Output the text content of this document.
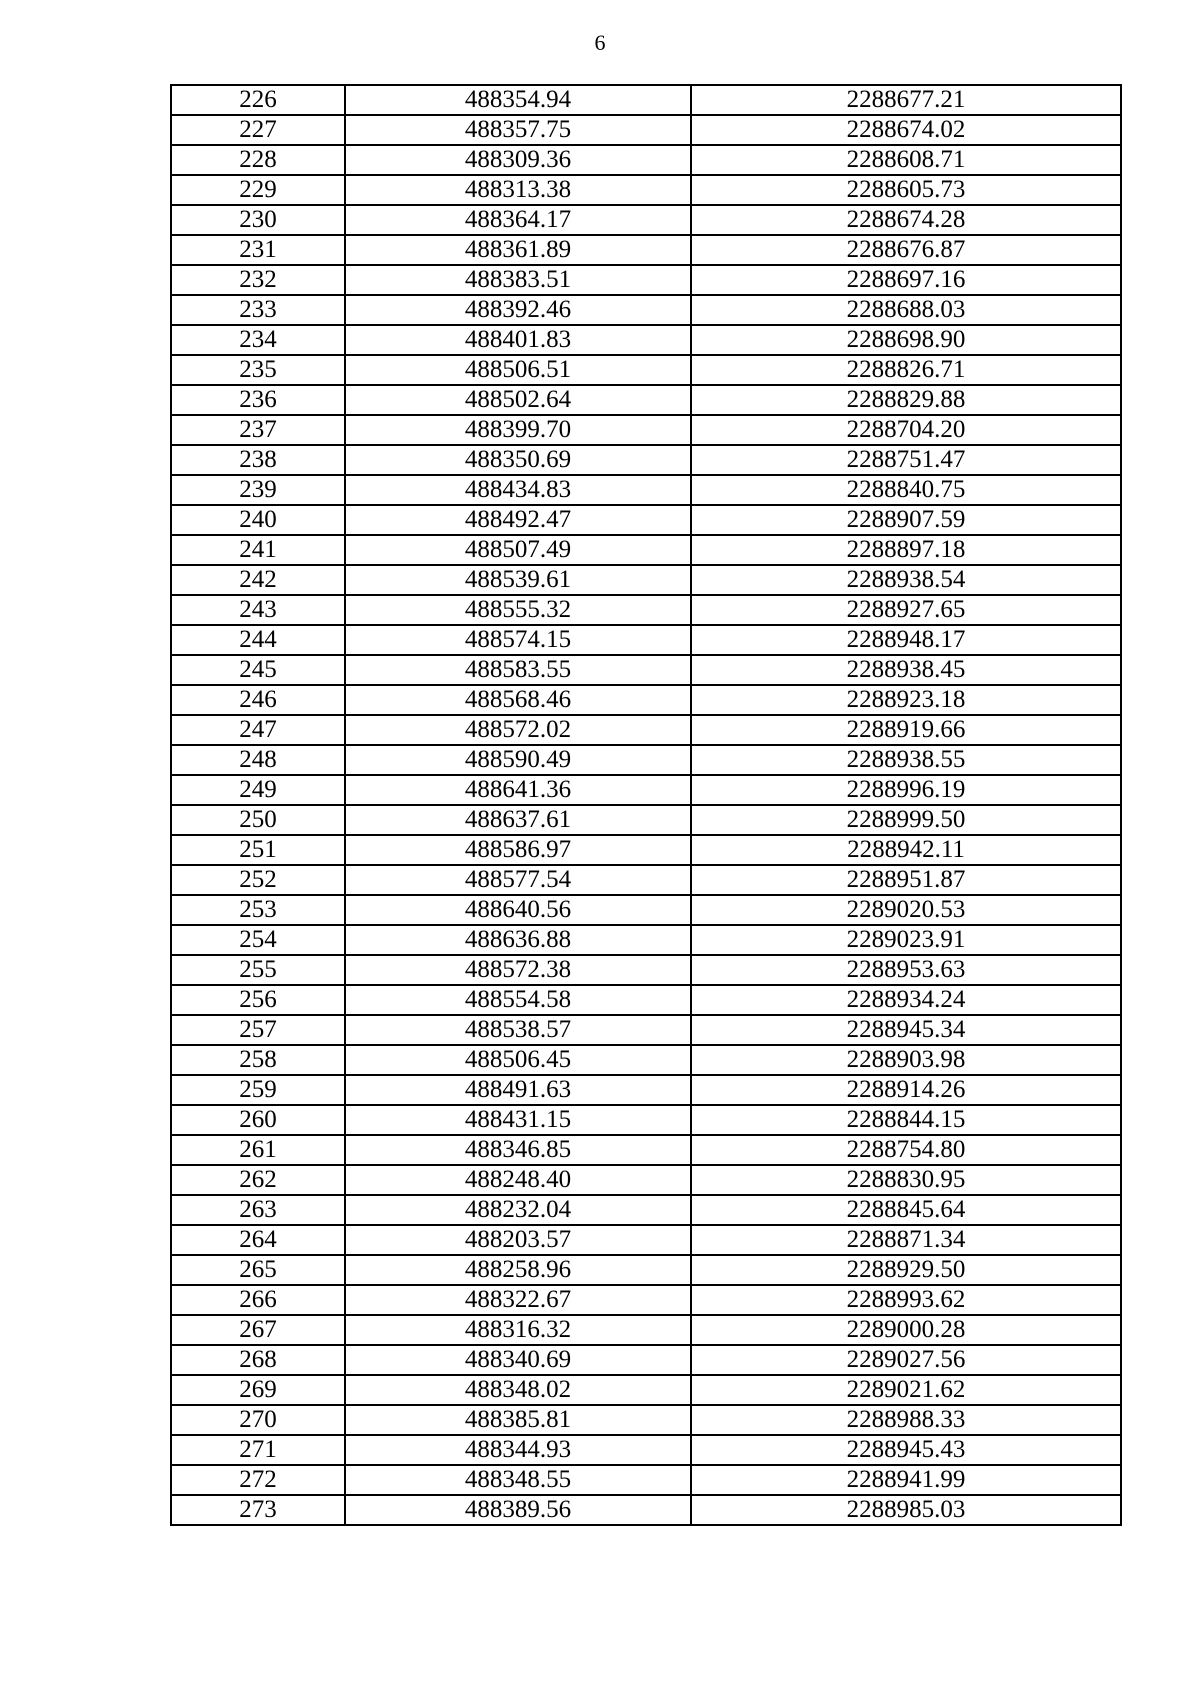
6
226	488354.94	2288677.21
227	488357.75	2288674.02
228	488309.36	2288608.71
229	488313.38	2288605.73
230	488364.17	2288674.28
231	488361.89	2288676.87
232	488383.51	2288697.16
233	488392.46	2288688.03
234	488401.83	2288698.90
235	488506.51	2288826.71
236	488502.64	2288829.88
237	488399.70	2288704.20
238	488350.69	2288751.47
239	488434.83	2288840.75
240	488492.47	2288907.59
241	488507.49	2288897.18
242	488539.61	2288938.54
243	488555.32	2288927.65
244	488574.15	2288948.17
245	488583.55	2288938.45
246	488568.46	2288923.18
247	488572.02	2288919.66
248	488590.49	2288938.55
249	488641.36	2288996.19
250	488637.61	2288999.50
251	488586.97	2288942.11
252	488577.54	2288951.87
253	488640.56	2289020.53
254	488636.88	2289023.91
255	488572.38	2288953.63
256	488554.58	2288934.24
257	488538.57	2288945.34
258	488506.45	2288903.98
259	488491.63	2288914.26
260	488431.15	2288844.15
261	488346.85	2288754.80
262	488248.40	2288830.95
263	488232.04	2288845.64
264	488203.57	2288871.34
265	488258.96	2288929.50
266	488322.67	2288993.62
267	488316.32	2289000.28
268	488340.69	2289027.56
269	488348.02	2289021.62
270	488385.81	2288988.33
271	488344.93	2288945.43
272	488348.55	2288941.99
273	488389.56	2288985.03
